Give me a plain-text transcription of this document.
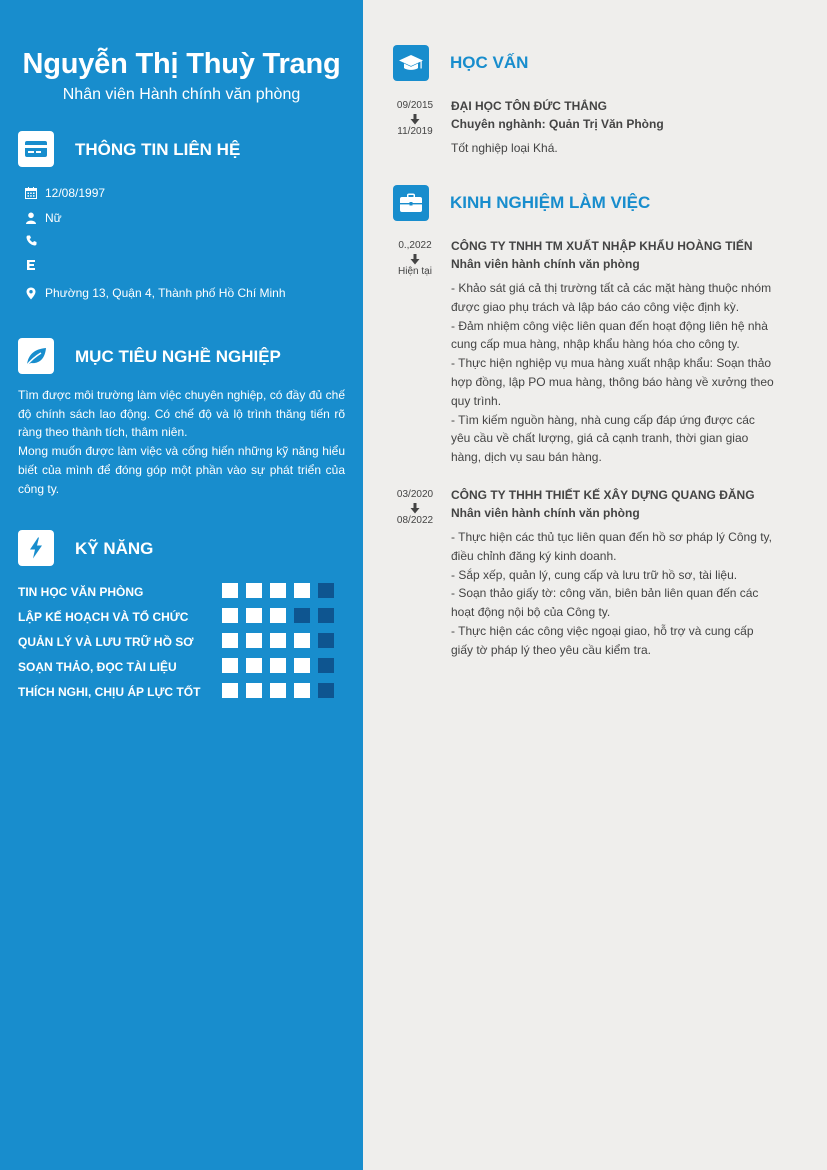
Nguyễn Thị Thuỳ Trang
Nhân viên Hành chính văn phòng
THÔNG TIN LIÊN HỆ
12/08/1997
Nữ
Phường 13, Quận 4, Thành phố Hồ Chí Minh
MỤC TIÊU NGHỀ NGHIỆP

Tìm được môi trường làm việc chuyên nghiệp, có đầy đủ chế độ chính sách lao động. Có chế độ và lộ trình thăng tiến rõ ràng theo thành tích, thâm niên.

Mong muốn được làm việc và cống hiến những kỹ năng hiểu biết của mình để đóng góp một phần vào sự phát triển của công ty.

KỸ NĂNG
TIN HỌC VĂN PHÒNG
LẬP KẾ HOẠCH VÀ TỔ CHỨC
QUẢN LÝ VÀ LƯU TRỮ HỒ SƠ
SOẠN THẢO, ĐỌC TÀI LIỆU
THÍCH NGHI, CHỊU ÁP LỰC TỐT
HỌC VẤN
09/2015
11/2019
ĐẠI HỌC TÔN ĐỨC THẮNG
Chuyên nghành: Quản Trị Văn Phòng
Tốt nghiệp loại Khá.
KINH NGHIỆM LÀM VIỆC
0.,2022
Hiện tại
CÔNG TY TNHH TM XUẤT NHẬP KHẨU HOÀNG TIẾN
Nhân viên hành chính văn phòng

- Khảo sát giá cả thị trường tất cả các mặt hàng thuộc nhóm được giao phụ trách và lập báo cáo công việc định kỳ.

- Đảm nhiệm công việc liên quan đến hoạt động liên hệ nhà cung cấp mua hàng, nhập khẩu hàng hóa cho công ty.

- Thực hiện nghiệp vụ mua hàng xuất nhập khẩu: Soạn thảo hợp đồng, lập PO mua hàng, thông báo hàng về xưởng theo quy trình.

- Tìm kiếm nguồn hàng, nhà cung cấp đáp ứng được các yêu cầu về chất lượng, giá cả cạnh tranh, thời gian giao hàng, dịch vụ sau bán hàng.

03/2020
08/2022
CÔNG TY THHH THIẾT KẾ XÂY DỰNG QUANG ĐĂNG
Nhân viên hành chính văn phòng

- Thực hiện các thủ tục liên quan đến hồ sơ pháp lý Công ty, điều chỉnh đăng ký kinh doanh.

- Sắp xếp, quản lý, cung cấp và lưu trữ hồ sơ, tài liệu.

- Soạn thảo giấy tờ: công văn, biên bản liên quan đến các hoạt động nội bộ của Công ty.

- Thực hiện các công việc ngoại giao, hỗ trợ và cung cấp giấy tờ pháp lý theo yêu cầu kiểm tra.
